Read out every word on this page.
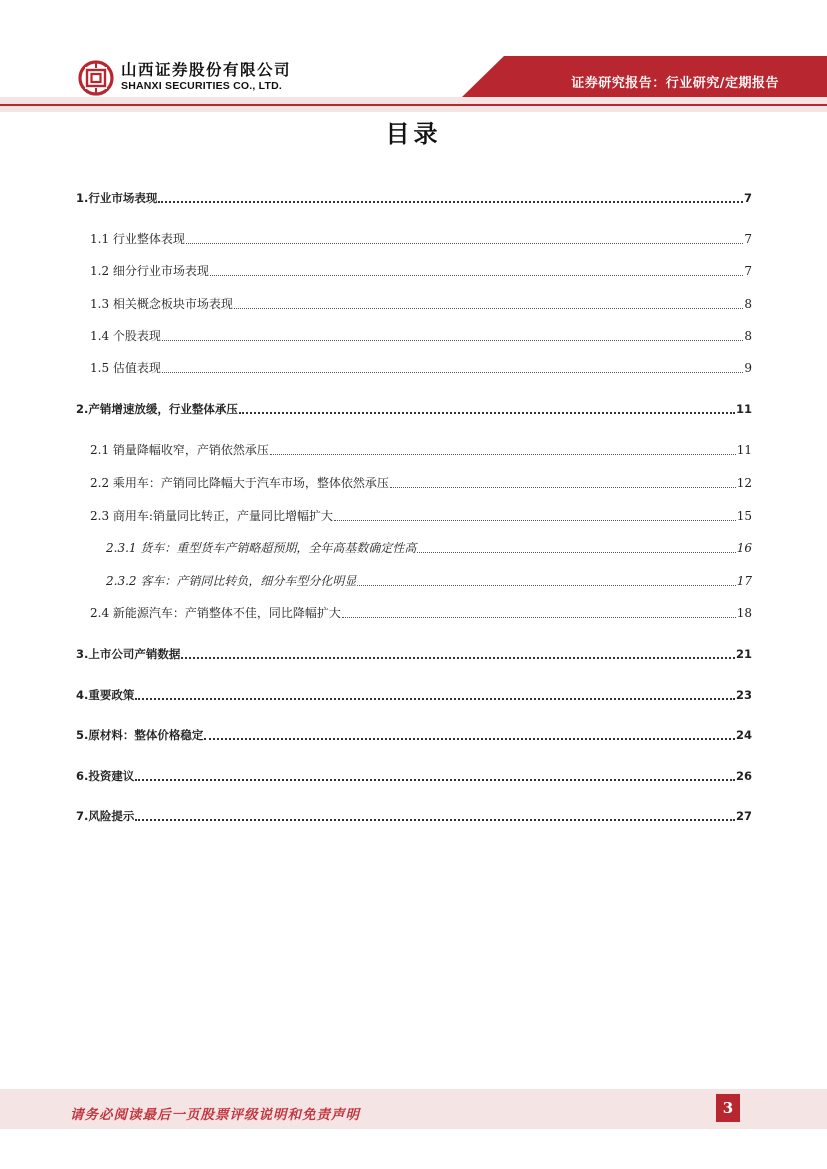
山西证券股份有限公司
SHANXI SECURITIES CO., LTD.	证券研究报告：行业研究/定期报告
目录
1.行业市场表现	7
1.1 行业整体表现	7
1.2 细分行业市场表现	7
1.3 相关概念板块市场表现	8
1.4 个股表现	8
1.5 估值表现	9
2.产销增速放缓，行业整体承压	11
2.1 销量降幅收窄，产销依然承压	11
2.2 乘用车：产销同比降幅大于汽车市场，整体依然承压	12
2.3 商用车:销量同比转正，产量同比增幅扩大	15
2.3.1 货车：重型货车产销略超预期，全年高基数确定性高	16
2.3.2 客车：产销同比转负，细分车型分化明显	17
2.4 新能源汽车：产销整体不佳，同比降幅扩大	18
3.上市公司产销数据	21
4.重要政策	23
5.原材料：整体价格稳定	24
6.投资建议	26
7.风险提示	27
请务必阅读最后一页股票评级说明和免责声明	3
